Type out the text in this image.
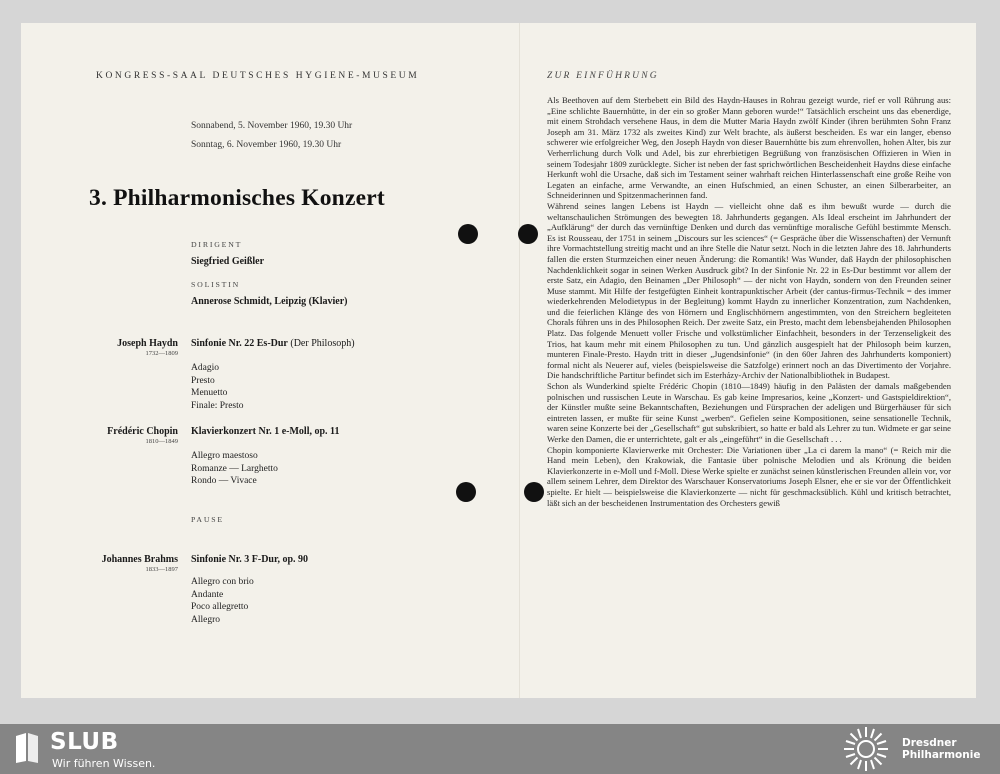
KONGRESS-SAAL DEUTSCHES HYGIENE-MUSEUM
Sonnabend, 5. November 1960, 19.30 Uhr
Sonntag, 6. November 1960, 19.30 Uhr
3. Philharmonisches Konzert
DIRIGENT
Siegfried Geißler
SOLISTIN
Annerose Schmidt, Leipzig (Klavier)
Joseph Haydn
1732—1809
Sinfonie Nr. 22 Es-Dur (Der Philosoph)
Adagio
Presto
Menuetto
Finale: Presto
Frédéric Chopin
1810—1849
Klavierkonzert Nr. 1 e-Moll, op. 11
Allegro maestoso
Romanze — Larghetto
Rondo — Vivace
PAUSE
Johannes Brahms
1833—1897
Sinfonie Nr. 3 F-Dur, op. 90
Allegro con brio
Andante
Poco allegretto
Allegro
ZUR EINFÜHRUNG

Als Beethoven auf dem Sterbebett ein Bild des Haydn-Hauses in Rohrau gezeigt wurde, rief er voll Rührung aus: „Eine schlichte Bauernhütte, in der ein so großer Mann geboren wurde!“ Tatsächlich erscheint uns das ebenerdige, mit einem Strohdach versehene Haus, in dem die Mutter Maria Haydn zwölf Kinder (ihren berühmten Sohn Franz Joseph am 31. März 1732 als zweites Kind) zur Welt brachte, als äußerst bescheiden. Es war ein langer, ebenso schwerer wie erfolgreicher Weg, den Joseph Haydn von dieser Bauernhütte bis zum ehrenvollen, hohen Alter, bis zur Verherrlichung durch Volk und Adel, bis zur ehrerbietigen Begrüßung von französischen Offizieren in Wien in seinem Todesjahr 1809 zurücklegte. Sicher ist neben der fast sprichwörtlichen Bescheidenheit Haydns diese einfache Herkunft wohl die Ursache, daß sich im Testament seiner wahrhaft reichen Hinterlassenschaft eine große Reihe von Legaten an einfache, arme Verwandte, an einen Hufschmied, an einen Schuster, an einen Silberarbeiter, an Schneiderinnen und Spitzenmacherinnen fand.

Während seines langen Lebens ist Haydn — vielleicht ohne daß es ihm bewußt wurde — durch die weltanschaulichen Strömungen des bewegten 18. Jahrhunderts gegangen. Als Ideal erscheint im Jahrhundert der „Aufklärung“ der durch das vernünftige Denken und durch das vernünftige moralische Gefühl bestimmte Mensch. Es ist Rousseau, der 1751 in seinem „Discours sur les sciences“ (= Gespräche über die Wissenschaften) der Vernunft ihre Vormachtstellung streitig macht und an ihre Stelle die Natur setzt. Noch in die letzten Jahre des 18. Jahrhunderts fallen die ersten Sturmzeichen einer neuen Änderung: die Romantik! Was Wunder, daß Haydn der philosophischen Nachdenklichkeit sogar in seinen Werken Ausdruck gibt? In der Sinfonie Nr. 22 in Es-Dur bestimmt vor allem der erste Satz, ein Adagio, den Beinamen „Der Philosoph“ — der nicht von Haydn, sondern von den Freunden seiner Muse stammt. Mit Hilfe der festgefügten Einheit kontrapunktischer Arbeit (der cantus-firmus-Technik = des immer wiederkehrenden Melodietypus in der Begleitung) kommt Haydn zu innerlicher Konzentration, zum Nachdenken, und die feierlichen Klänge des von Hörnern und Englischhörnern angestimmten, von den Streichern begleiteten Chorals führen uns in des Philosophen Reich. Der zweite Satz, ein Presto, macht dem lebensbejahenden Philosophen Platz. Das folgende Menuett voller Frische und volkstümlicher Einfachheit, besonders in der Terzenseligkeit des Trios, hat kaum mehr mit einem Philosophen zu tun. Und gänzlich ausgespielt hat der Philosoph beim kurzen, munteren Finale-Presto. Haydn tritt in dieser „Jugendsinfonie“ (in den 60er Jahren des Jahrhunderts komponiert) formal nicht als Neuerer auf, vieles (beispielsweise die Satzfolge) erinnert noch an das Divertimento der Vorjahre. Die handschriftliche Partitur befindet sich im Esterházy-Archiv der Nationalbibliothek in Budapest.

Schon als Wunderkind spielte Frédéric Chopin (1810—1849) häufig in den Palästen der damals maßgebenden polnischen und russischen Leute in Warschau. Es gab keine Impresarios, keine „Konzert- und Gastspieldirektion“, der Künstler mußte seine Bekanntschaften, Beziehungen und Fürsprachen der adeligen und Bürgerhäuser für sich eintreten lassen, er mußte für seine Kunst „werben“. Gefielen seine Kompositionen, seine sensationelle Technik, waren seine Konzerte bei der „Gesellschaft“ gut subskribiert, so hatte er bald als Lehrer zu tun. Widmete er gar seine Werke den Damen, die er unterrichtete, galt er als „eingeführt“ in die Gesellschaft . . .

Chopin komponierte Klavierwerke mit Orchester: Die Variationen über „La ci darem la mano“ (= Reich mir die Hand mein Leben), den Krakowiak, die Fantasie über polnische Melodien und als Krönung die beiden Klavierkonzerte in e-Moll und f-Moll. Diese Werke spielte er zunächst seinen künstlerischen Freunden allein vor, vor allem seinem Lehrer, dem Direktor des Warschauer Konservatoriums Joseph Elsner, ehe er sie vor der Öffentlichkeit spielte. Er hielt — beispielsweise die Klavierkonzerte — nicht für geschmacksüblich. Kühl und kritisch betrachtet, läßt sich an der bescheidenen Instrumentation des Orchesters gewiß

SLUB
Wir führen Wissen.
Dresdner
Philharmonie
